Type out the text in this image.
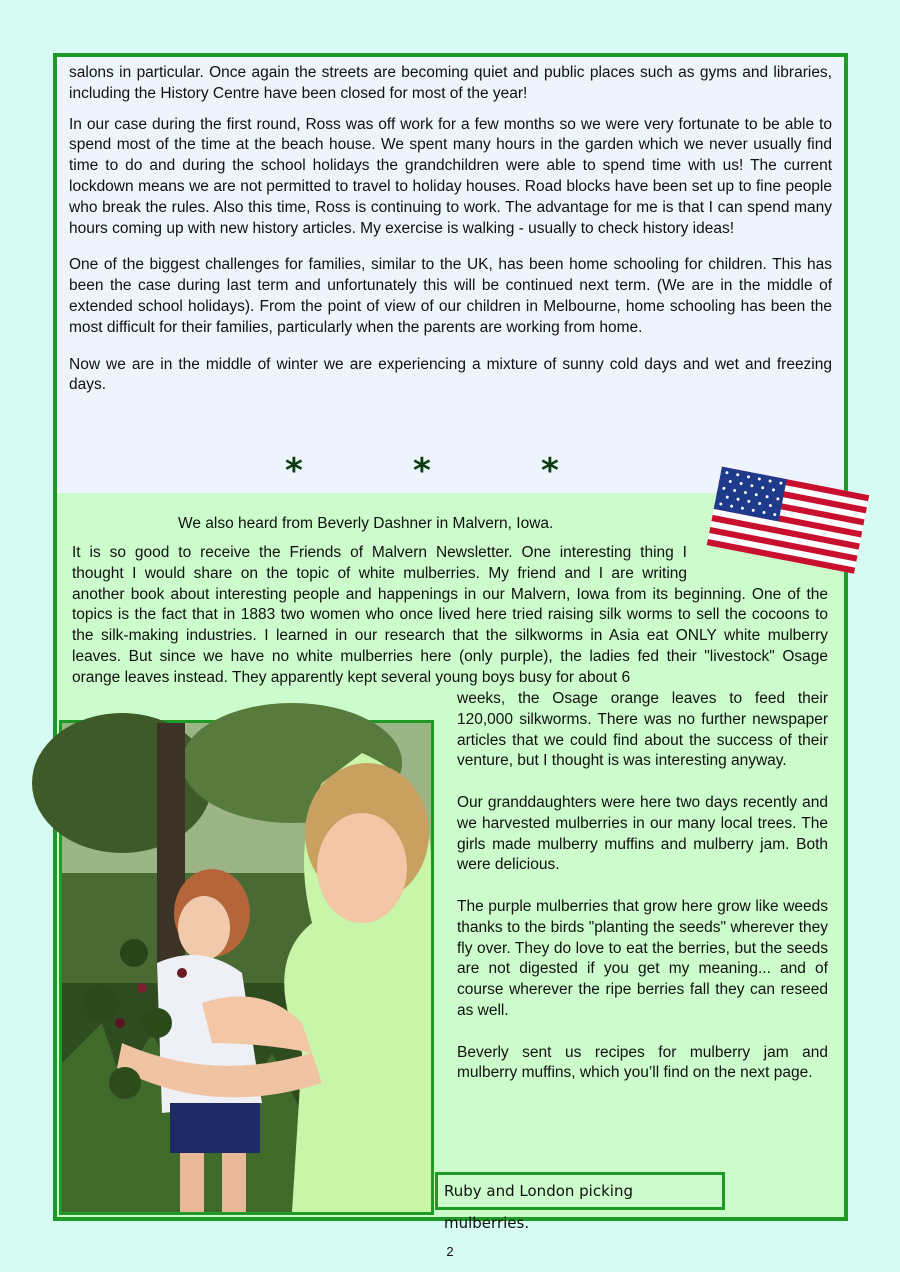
salons in particular. Once again the streets are becoming quiet and public places such as gyms and libraries, including the History Centre have been closed for most of the year!

In our case during the first round, Ross was off work for a few months so we were very fortunate to be able to spend most of the time at the beach house. We spent many hours in the garden which we never usually find time to do and during the school holidays the grandchildren were able to spend time with us! The current lockdown means we are not permitted to travel to holiday houses. Road blocks have been set up to fine people who break the rules. Also this time, Ross is continuing to work. The advantage for me is that I can spend many hours coming up with new history articles. My exercise is walking - usually to check history ideas!

One of the biggest challenges for families, similar to the UK, has been home schooling for children. This has been the case during last term and unfortunately this will be continued next term. (We are in the middle of extended school holidays). From the point of view of our children in Melbourne, home schooling has been the most difficult for their families, particularly when the parents are working from home.

Now we are in the middle of winter we are experiencing a mixture of sunny cold days and wet and freezing days.

*	*	*
We also heard from Beverly Dashner in Malvern, Iowa.
It is so good to receive the Friends of Malvern Newsletter. One interesting thing I
thought I would share on the topic of white mulberries. My friend and I are writing
another book about interesting people and happenings in our Malvern, Iowa from its beginning. One of the topics is the fact that in 1883 two women who once lived here tried raising silk worms to sell the cocoons to the silk-making industries. I learned in our research that the silkworms in Asia eat ONLY white mulberry leaves. But since we have no white mulberries here (only purple), the ladies fed their "livestock" Osage orange leaves instead. They apparently kept several young boys busy for about 6

weeks, the Osage orange leaves to feed their 120,000 silkworms. There was no further newspaper articles that we could find about the success of their venture, but I thought is was interesting anyway.

Our granddaughters were here two days recently and we harvested mulberries in our many local trees. The girls made mulberry muffins and mulberry jam. Both were delicious.

The purple mulberries that grow here grow like weeds thanks to the birds "planting the seeds" wherever they fly over. They do love to eat the berries, but the seeds are not digested if you get my meaning... and of course wherever the ripe berries fall they can reseed as well.

Beverly sent us recipes for mulberry jam and mulberry muffins, which you’ll find on the next page.

Ruby and London picking mulberries.
2
